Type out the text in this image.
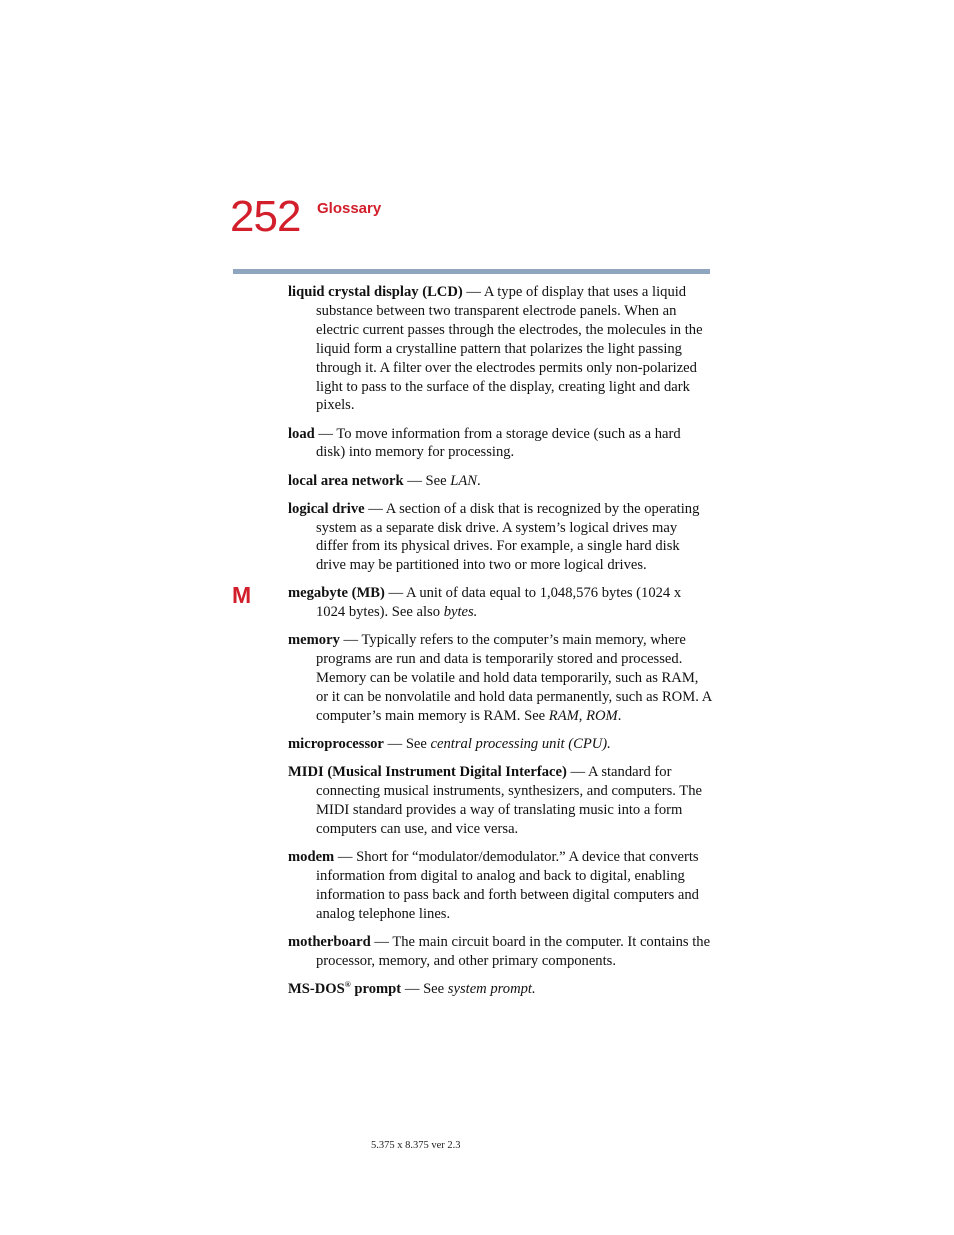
252 Glossary
M

liquid crystal display (LCD) — A type of display that uses a liquid substance between two transparent electrode panels. When an electric current passes through the electrodes, the molecules in the liquid form a crystalline pattern that polarizes the light passing through it. A filter over the electrodes permits only non-polarized light to pass to the surface of the display, creating light and dark pixels.

load — To move information from a storage device (such as a hard disk) into memory for processing.

local area network — See LAN.

logical drive — A section of a disk that is recognized by the operating system as a separate disk drive. A system’s logical drives may differ from its physical drives. For example, a single hard disk drive may be partitioned into two or more logical drives.

megabyte (MB) — A unit of data equal to 1,048,576 bytes (1024 x 1024 bytes). See also bytes.

memory — Typically refers to the computer’s main memory, where programs are run and data is temporarily stored and processed. Memory can be volatile and hold data temporarily, such as RAM, or it can be nonvolatile and hold data permanently, such as ROM. A computer’s main memory is RAM. See RAM, ROM.

microprocessor — See central processing unit (CPU).

MIDI (Musical Instrument Digital Interface) — A standard for connecting musical instruments, synthesizers, and computers. The MIDI standard provides a way of translating music into a form computers can use, and vice versa.

modem — Short for “modulator/demodulator.” A device that converts information from digital to analog and back to digital, enabling information to pass back and forth between digital computers and analog telephone lines.

motherboard — The main circuit board in the computer. It contains the processor, memory, and other primary components.

MS-DOS® prompt — See system prompt.

5.375 x 8.375 ver 2.3
